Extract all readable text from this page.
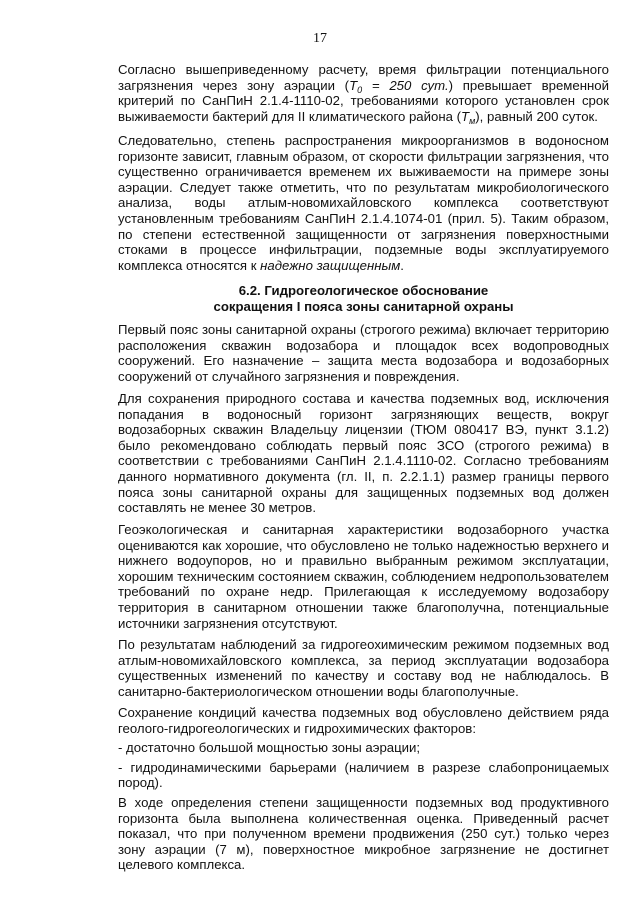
17

Согласно вышеприведенному расчету, время фильтрации потенциального загрязнения через зону аэрации ($T_0 = 250$ сут.) превышает временной критерий по СанПиН 2.1.4-1110-02, требованиями которого установлен срок выживаемости бактерий для II климатического района $(T_м)$, равный 200 суток.

Следовательно, степень распространения микроорганизмов в водоносном горизонте зависит, главным образом, от скорости фильтрации загрязнения, что существенно ограничивается временем их выживаемости на примере зоны аэрации. Следует также отметить, что по результатам микробиологического анализа, воды атлым-новомихайловского комплекса соответствуют установленным требованиям СанПиН 2.1.4.1074-01 (прил. 5). Таким образом, по степени естественной защищенности от загрязнения поверхностными стоками в процессе инфильтрации, подземные воды эксплуатируемого комплекса относятся к надежно защищенным.

6.2. Гидрогеологическое обоснование

сокращения I пояса зоны санитарной охраны

Первый пояс зоны санитарной охраны (строгого режима) включает территорию расположения скважин водозабора и площадок всех водопроводных сооружений. Его назначение – защита места водозабора и водозаборных сооружений от случайного загрязнения и повреждения.

Для сохранения природного состава и качества подземных вод, исключения попадания в водоносный горизонт загрязняющих веществ, вокруг водозаборных скважин Владельцу лицензии (ТЮМ 080417 ВЭ, пункт 3.1.2) было рекомендовано соблюдать первый пояс ЗСО (строгого режима) в соответствии с требованиями СанПиН 2.1.4.1110-02. Согласно требованиям данного нормативного документа (гл. II, п. 2.2.1.1) размер границы первого пояса зоны санитарной охраны для защищенных подземных вод должен составлять не менее 30 метров.

Геоэкологическая и санитарная характеристики водозаборного участка оцениваются как хорошие, что обусловлено не только надежностью верхнего и нижнего водоупоров, но и правильно выбранным режимом эксплуатации, хорошим техническим состоянием скважин, соблюдением недропользователем требований по охране недр. Прилегающая к исследуемому водозабору территория в санитарном отношении также благополучна, потенциальные источники загрязнения отсутствуют.

По результатам наблюдений за гидрогеохимическим режимом подземных вод атлым-новомихайловского комплекса, за период эксплуатации водозабора существенных изменений по качеству и составу вод не наблюдалось. В санитарно-бактериологическом отношении воды благополучные.

Сохранение кондиций качества подземных вод обусловлено действием ряда геолого-гидрогеологических и гидрохимических факторов:

- достаточно большой мощностью зоны аэрации;

- гидродинамическими барьерами (наличием в разрезе слабопроницаемых пород).

В ходе определения степени защищенности подземных вод продуктивного горизонта была выполнена количественная оценка. Приведенный расчет показал, что при полученном времени продвижения (250 сут.) только через зону аэрации (7 м), поверхностное микробное загрязнение не достигнет целевого комплекса.
